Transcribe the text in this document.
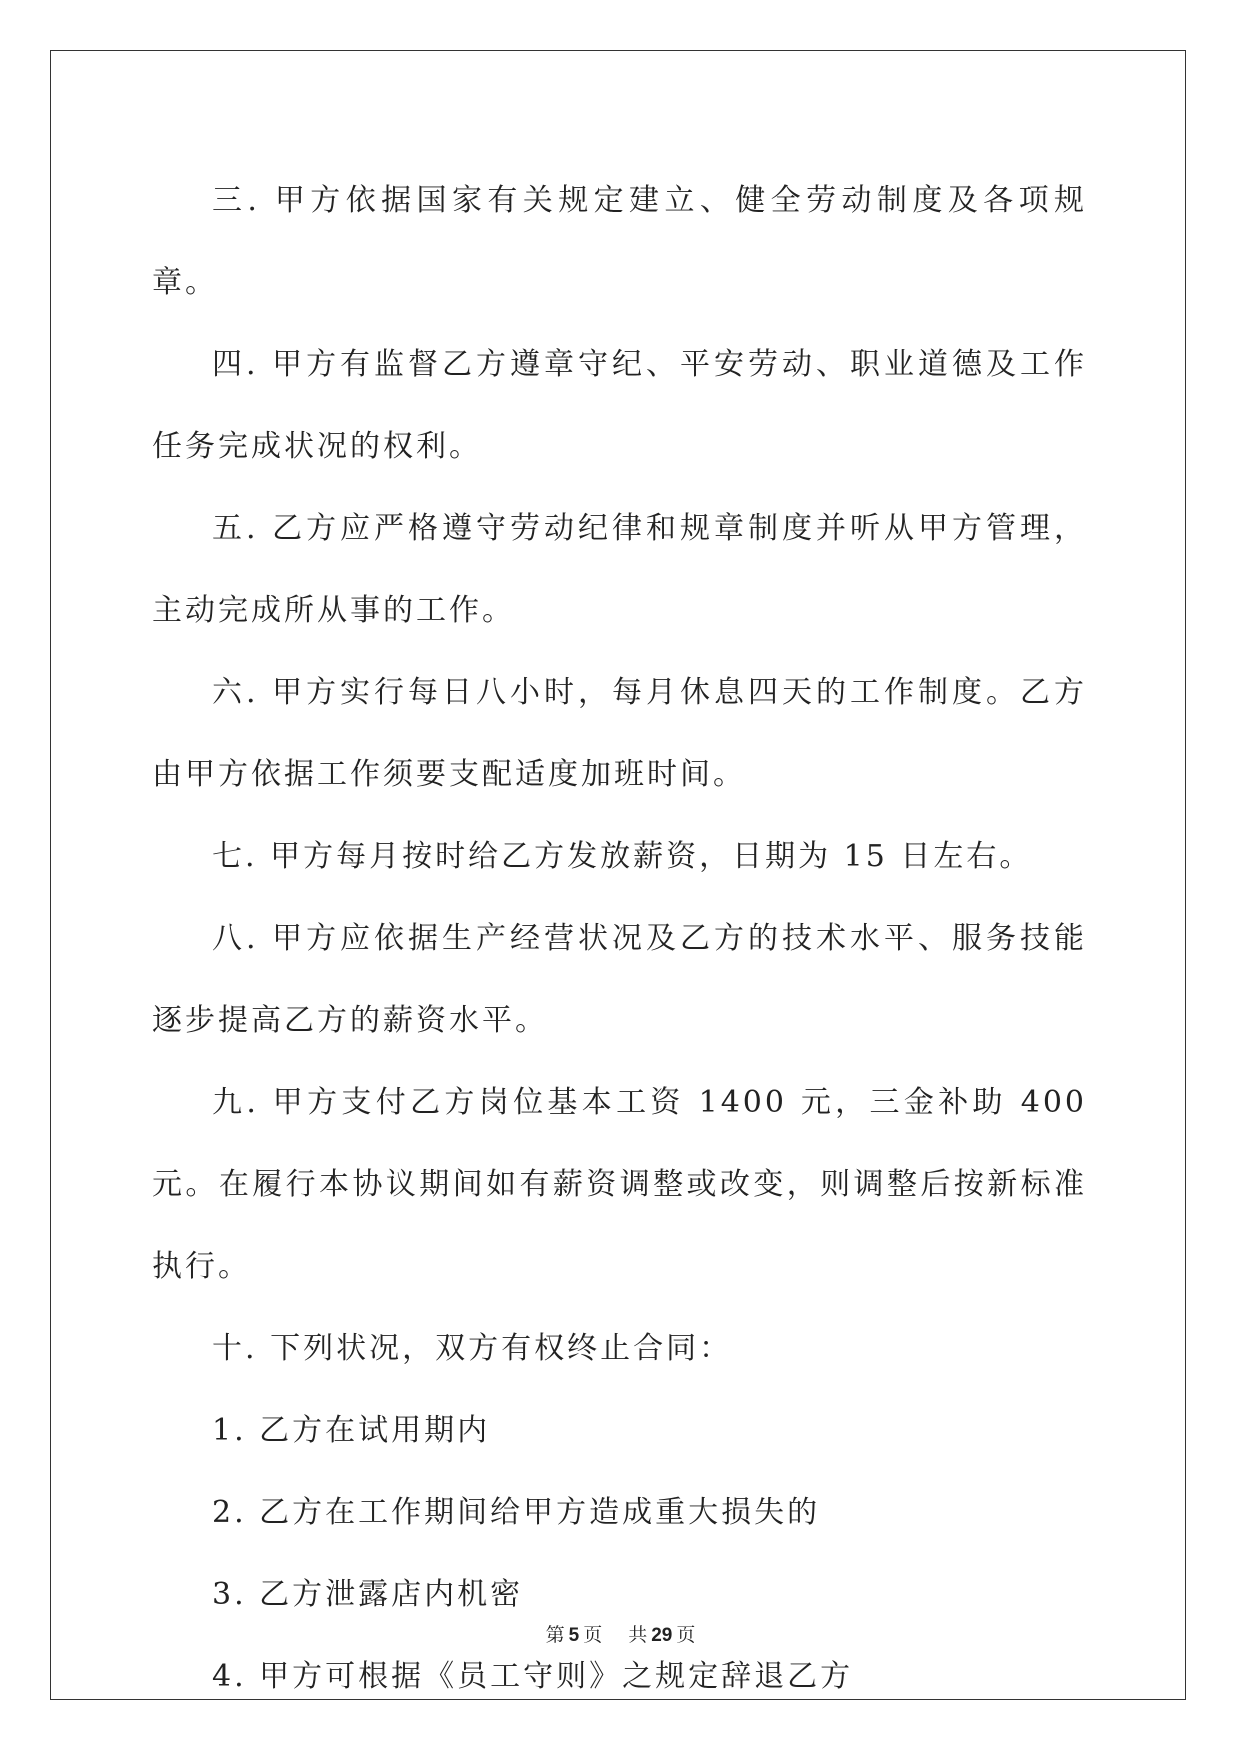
三. 甲方依据国家有关规定建立、健全劳动制度及各项规章。

四. 甲方有监督乙方遵章守纪、平安劳动、职业道德及工作任务完成状况的权利。

五. 乙方应严格遵守劳动纪律和规章制度并听从甲方管理，主动完成所从事的工作。

六. 甲方实行每日八小时，每月休息四天的工作制度。乙方由甲方依据工作须要支配适度加班时间。

七. 甲方每月按时给乙方发放薪资，日期为 15 日左右。

八. 甲方应依据生产经营状况及乙方的技术水平、服务技能逐步提高乙方的薪资水平。

九. 甲方支付乙方岗位基本工资 1400 元，三金补助 400 元。在履行本协议期间如有薪资调整或改变，则调整后按新标准执行。

十. 下列状况，双方有权终止合同：

1. 乙方在试用期内

2. 乙方在工作期间给甲方造成重大损失的

3. 乙方泄露店内机密

4. 甲方可根据《员工守则》之规定辞退乙方

第 5 页 共 29 页
